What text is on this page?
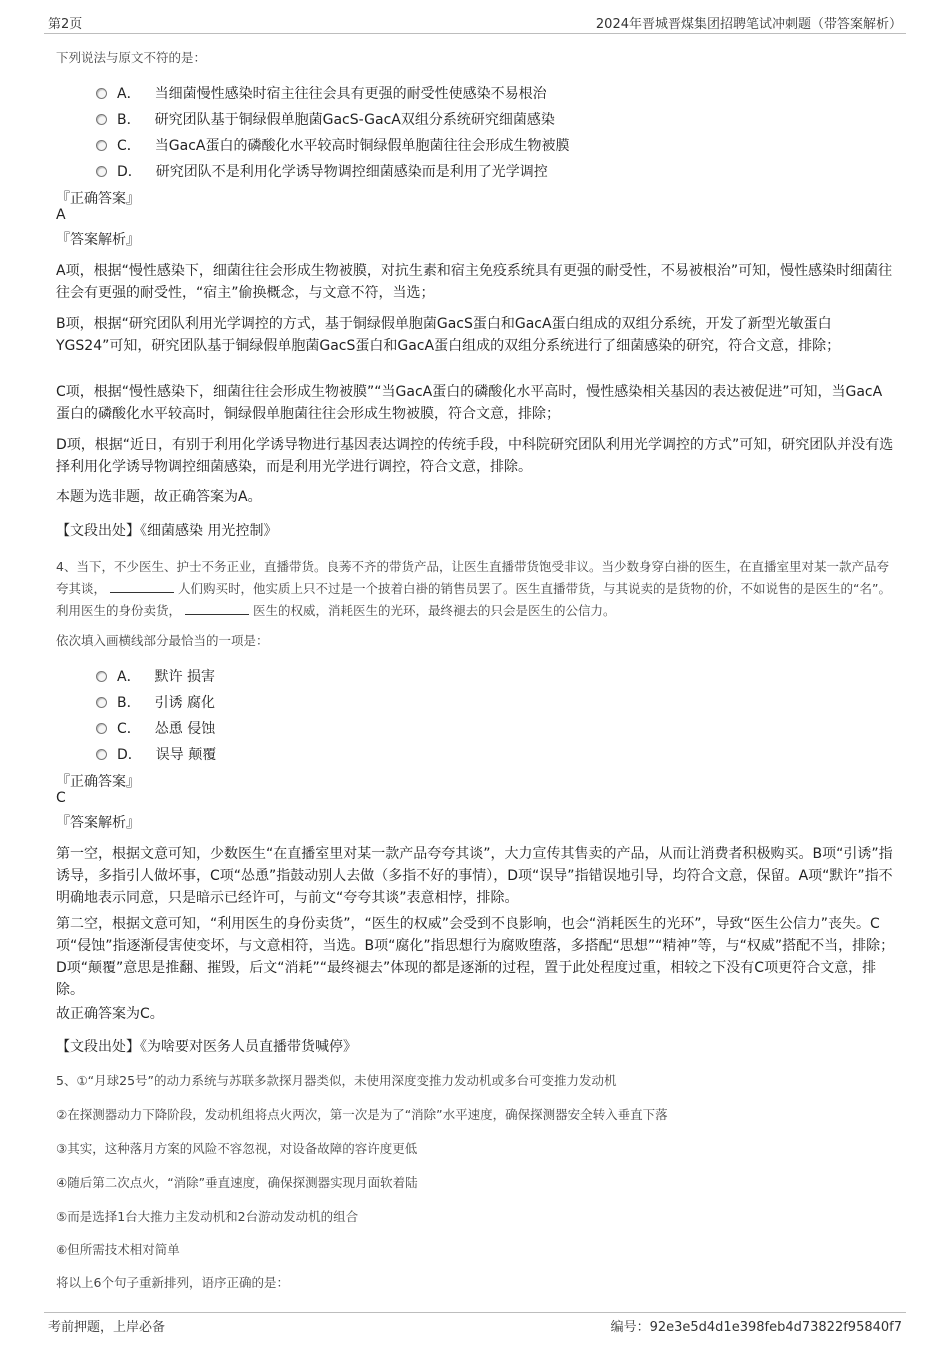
第2页	2024年晋城晋煤集团招聘笔试冲刺题（带答案解析）
下列说法与原文不符的是：
A． 当细菌慢性感染时宿主往往会具有更强的耐受性使感染不易根治
B． 研究团队基于铜绿假单胞菌GacS-GacA双组分系统研究细菌感染
C． 当GacA蛋白的磷酸化水平较高时铜绿假单胞菌往往会形成生物被膜
D． 研究团队不是利用化学诱导物调控细菌感染而是利用了光学调控
『正确答案』
A
『答案解析』
A项，根据“慢性感染下，细菌往往会形成生物被膜，对抗生素和宿主免疫系统具有更强的耐受性，不易被根治”可知，慢性感染时细菌往往会有更强的耐受性，“宿主”偷换概念，与文意不符，当选；
B项，根据“研究团队利用光学调控的方式，基于铜绿假单胞菌GacS蛋白和GacA蛋白组成的双组分系统，开发了新型光敏蛋白YGS24”可知，研究团队基于铜绿假单胞菌GacS蛋白和GacA蛋白组成的双组分系统进行了细菌感染的研究，符合文意，排除；
C项，根据“慢性感染下，细菌往往会形成生物被膜”“当GacA蛋白的磷酸化水平高时，慢性感染相关基因的表达被促进”可知，当GacA蛋白的磷酸化水平较高时，铜绿假单胞菌往往会形成生物被膜，符合文意，排除；
D项，根据“近日，有别于利用化学诱导物进行基因表达调控的传统手段，中科院研究团队利用光学调控的方式”可知，研究团队并没有选择利用化学诱导物调控细菌感染，而是利用光学进行调控，符合文意，排除。
本题为选非题，故正确答案为A。
【文段出处】《细菌感染 用光控制》
4、当下，不少医生、护士不务正业，直播带货。良莠不齐的带货产品，让医生直播带货饱受非议。当少数身穿白褂的医生，在直播室里对某一款产品夸夸其谈，	人们购买时，他实质上只不过是一个披着白褂的销售员罢了。医生直播带货，与其说卖的是货物的价，不如说售的是医生的“名”。利用医生的身份卖货，	医生的权威，消耗医生的光环，最终褪去的只会是医生的公信力。
依次填入画横线部分最恰当的一项是：
A． 默许 损害
B． 引诱 腐化
C． 怂恿 侵蚀
D． 误导 颠覆
『正确答案』
C
『答案解析』
第一空，根据文意可知，少数医生“在直播室里对某一款产品夸夸其谈”，大力宣传其售卖的产品，从而让消费者积极购买。B项“引诱”指诱导，多指引人做坏事，C项“怂恿”指鼓动别人去做（多指不好的事情），D项“误导”指错误地引导，均符合文意，保留。A项“默许”指不明确地表示同意，只是暗示已经许可，与前文“夸夸其谈”表意相悖，排除。
第二空，根据文意可知，“利用医生的身份卖货”，“医生的权威”会受到不良影响，也会“消耗医生的光环”，导致“医生公信力”丧失。C项“侵蚀”指逐渐侵害使变坏，与文意相符，当选。B项“腐化”指思想行为腐败堕落，多搭配“思想”“精神”等，与“权威”搭配不当，排除；D项“颠覆”意思是推翻、摧毁，后文“消耗”“最终褪去”体现的都是逐渐的过程，置于此处程度过重，相较之下没有C项更符合文意，排除。
故正确答案为C。
【文段出处】《为啥要对医务人员直播带货喊停》
5、①“月球25号”的动力系统与苏联多款探月器类似，未使用深度变推力发动机或多台可变推力发动机
②在探测器动力下降阶段，发动机组将点火两次，第一次是为了“消除”水平速度，确保探测器安全转入垂直下落
③其实，这种落月方案的风险不容忽视，对设备故障的容许度更低
④随后第二次点火，“消除”垂直速度，确保探测器实现月面软着陆
⑤而是选择1台大推力主发动机和2台游动发动机的组合
⑥但所需技术相对简单
将以上6个句子重新排列，语序正确的是：
考前押题，上岸必备	编号：92e3e5d4d1e398feb4d73822f95840f7
